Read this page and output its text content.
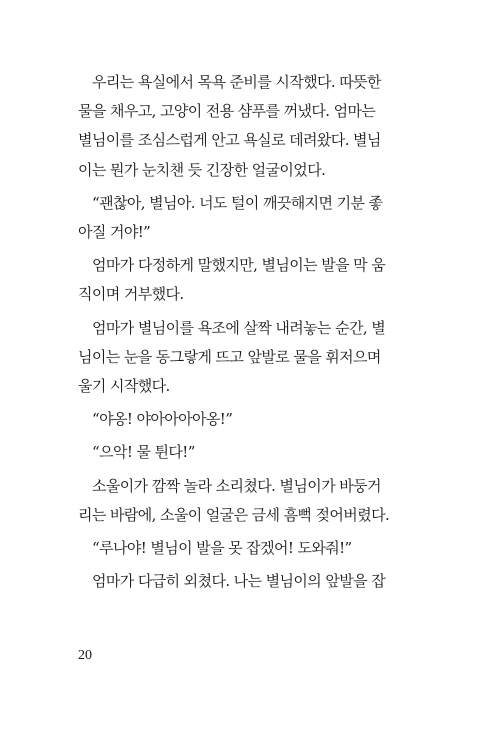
우리는 욕실에서 목욕 준비를 시작했다. 따뜻한
물을 채우고, 고양이 전용 샴푸를 꺼냈다. 엄마는
별님이를 조심스럽게 안고 욕실로 데려왔다. 별님
이는 뭔가 눈치챈 듯 긴장한 얼굴이었다.

“괜찮아, 별님아. 너도 털이 깨끗해지면 기분 좋
아질 거야!”

엄마가 다정하게 말했지만, 별님이는 발을 막 움
직이며 거부했다.

엄마가 별님이를 욕조에 살짝 내려놓는 순간, 별
님이는 눈을 동그랗게 뜨고 앞발로 물을 휘저으며
울기 시작했다.

“야옹! 야아아아아옹!”

“으악! 물 튄다!”

소울이가 깜짝 놀라 소리쳤다. 별님이가 바둥거
리는 바람에, 소울이 얼굴은 금세 흠뻑 젖어버렸다.

“루나야! 별님이 발을 못 잡겠어! 도와줘!”

엄마가 다급히 외쳤다. 나는 별님이의 앞발을 잡

20
